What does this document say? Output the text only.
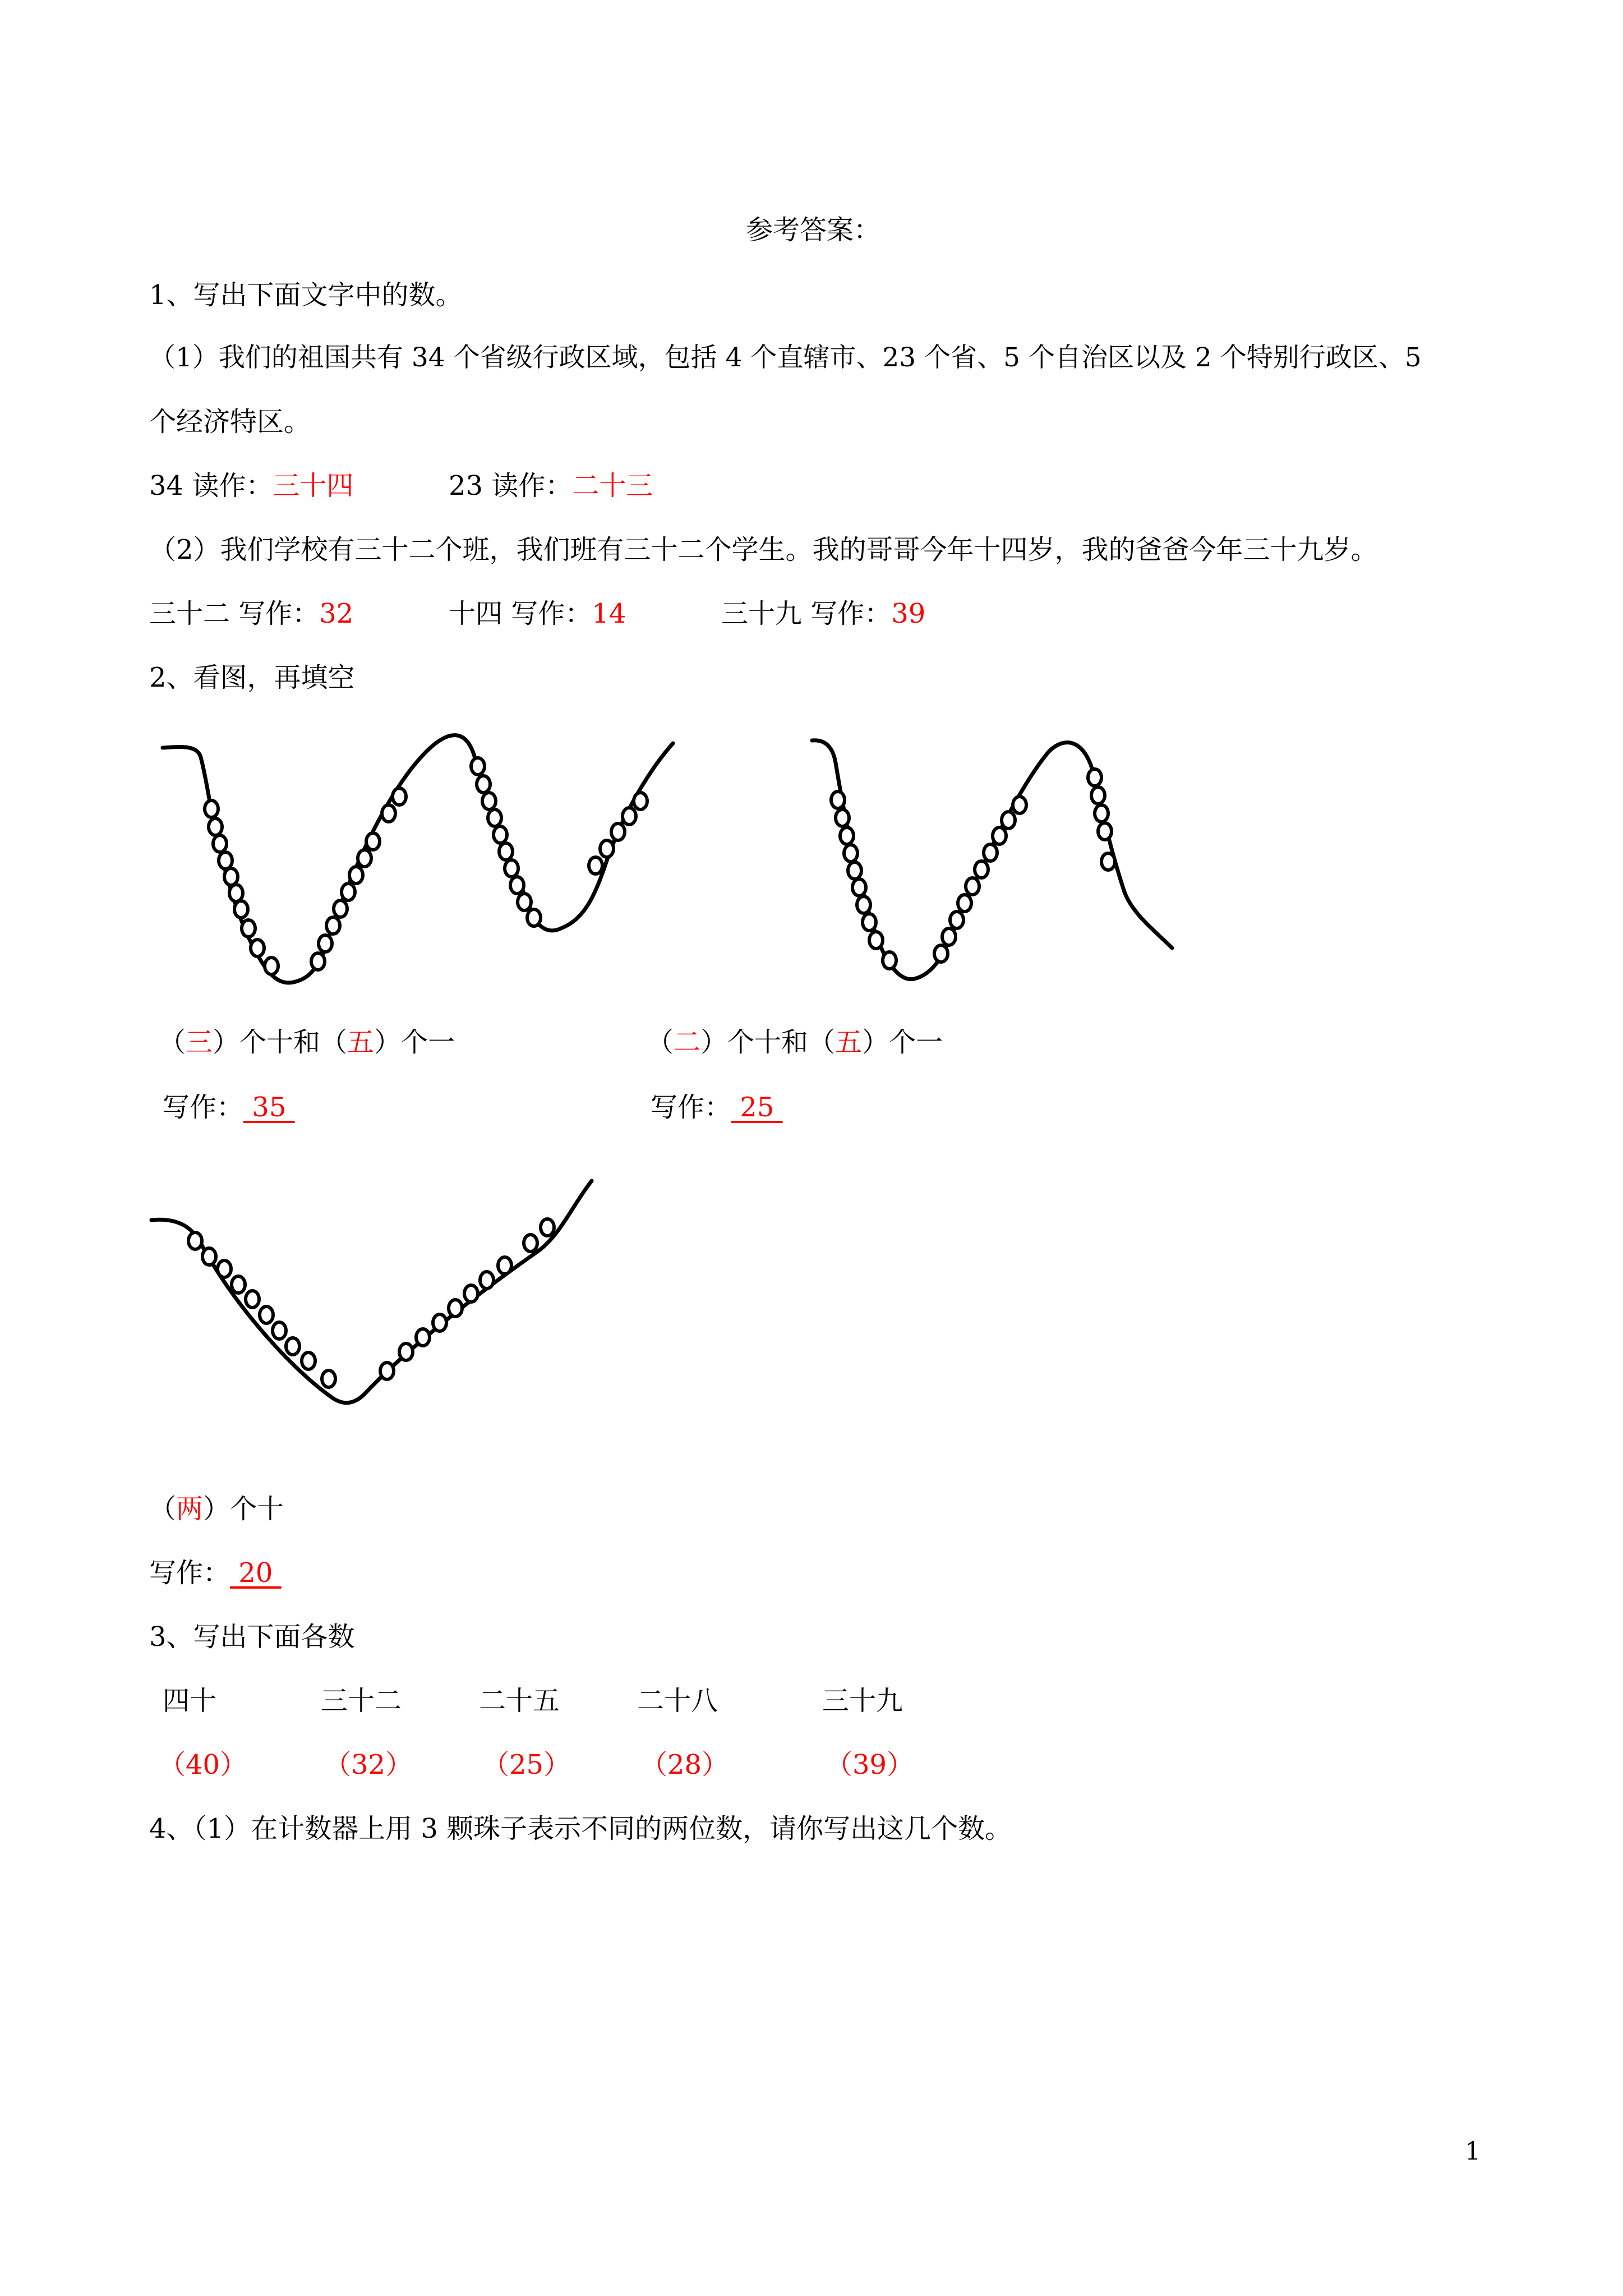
参考答案：
1、写出下面文字中的数。
（1）我们的祖国共有 34 个省级行政区域，包括 4 个直辖市、23 个省、5 个自治区以及 2 个特别行政区、5
个经济特区。
34 读作：三十四	23 读作：二十三
（2）我们学校有三十二个班，我们班有三十二个学生。我的哥哥今年十四岁，我的爸爸今年三十九岁。
三十二 写作：32	十四 写作：14	三十九 写作：39
2、看图，再填空
（三）个十和（五）个一	（二）个十和（五）个一
写作： 35	写作： 25
（两）个十
写作： 20
3、写出下面各数
四十	三十二	二十五	二十八	三十九
（40）	（32）	（25）	（28）	（39）
4、（1）在计数器上用 3 颗珠子表示不同的两位数，请你写出这几个数。
1
